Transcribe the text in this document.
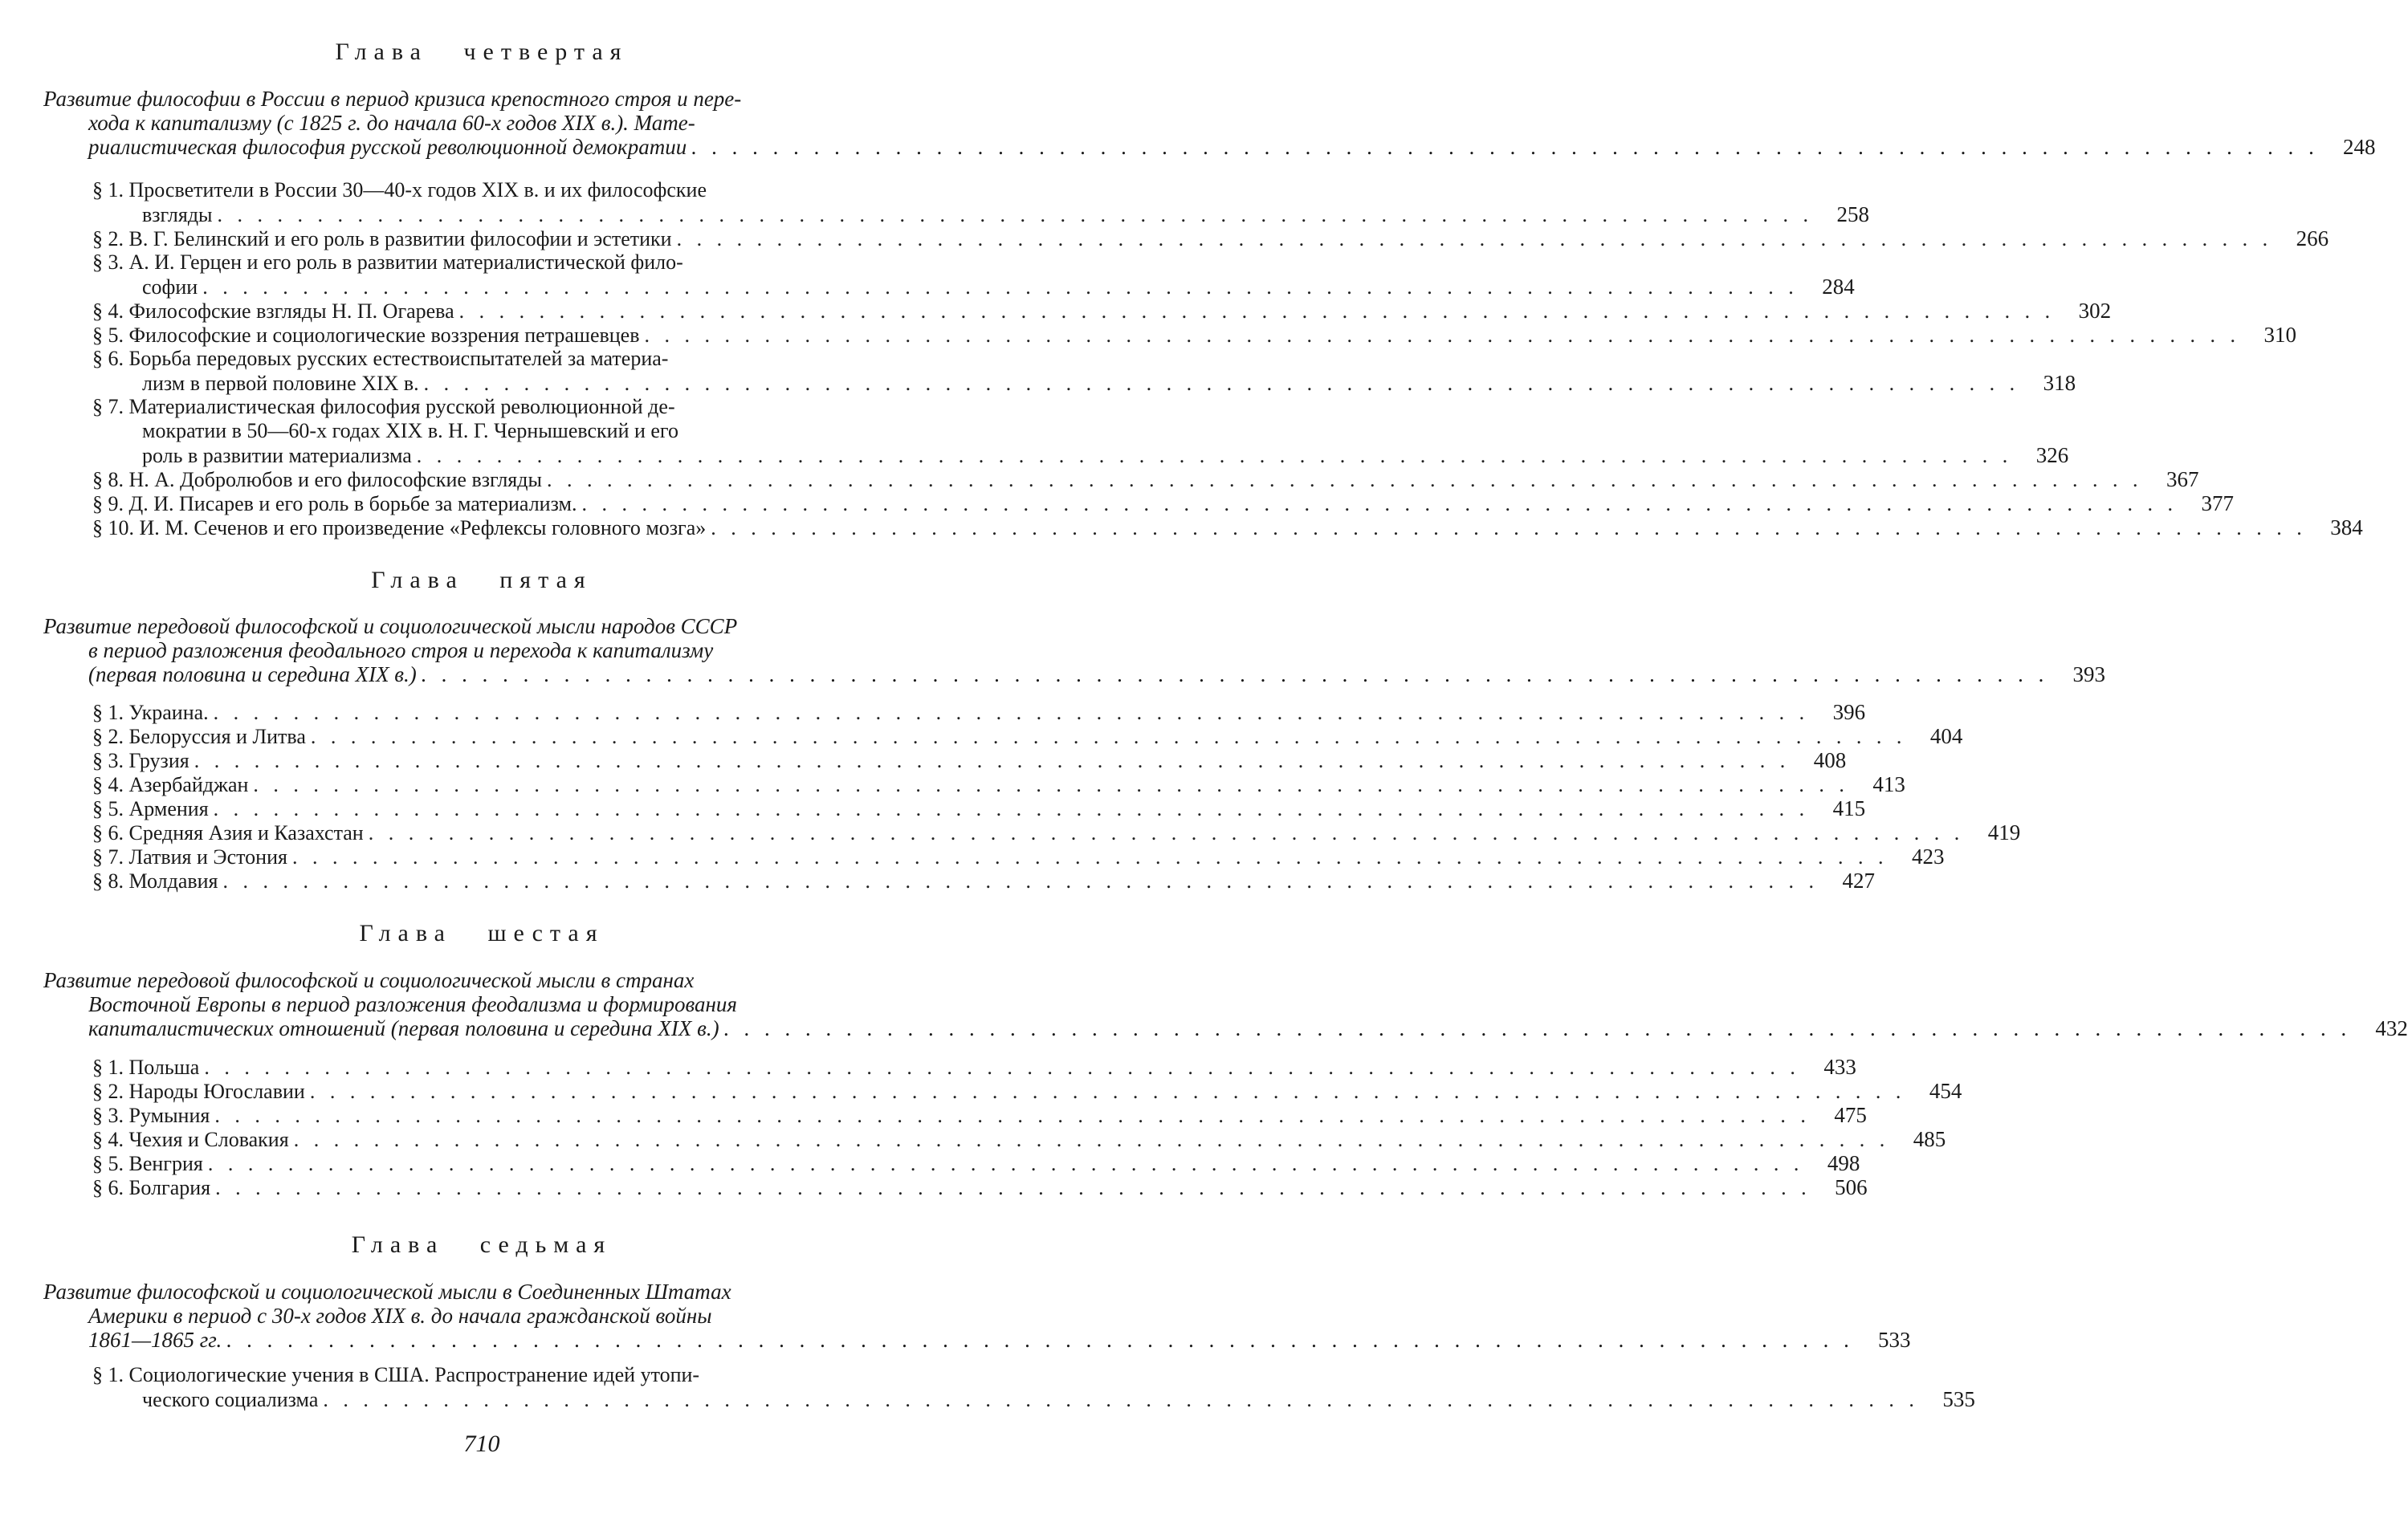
Глава четвертая
Развитие философии в России в период кризиса крепостного строя и пере-
хода к капитализму (с 1825 г. до начала 60-х годов XIX в.). Мате-
риалистическая философия русской революционной демократии . . . . . . . . . . . . . . . . . . . . . . . . . . . . . . . . . . . . . . . . . . . . . . . . . . . . . . . . . . . . . . . . . . . . . . . . . . . . . . . .	248
§ 1. Просветители в России 30—40-х годов XIX в. и их философские
взгляды . . . . . . . . . . . . . . . . . . . . . . . . . . . . . . . . . . . . . . . . . . . . . . . . . . . . . . . . . . . . . . . . . . . . . . . . . . . . . . . .	258
§ 2. В. Г. Белинский и его роль в развитии философии и эстетики . . . . . . . . . . . . . . . . . . . . . . . . . . . . . . . . . . . . . . . . . . . . . . . . . . . . . . . . . . . . . . . . . . . . . . . . . . . . . . . .	266
§ 3. А. И. Герцен и его роль в развитии материалистической фило-
софии . . . . . . . . . . . . . . . . . . . . . . . . . . . . . . . . . . . . . . . . . . . . . . . . . . . . . . . . . . . . . . . . . . . . . . . . . . . . . . . .	284
§ 4. Философские взгляды Н. П. Огарева . . . . . . . . . . . . . . . . . . . . . . . . . . . . . . . . . . . . . . . . . . . . . . . . . . . . . . . . . . . . . . . . . . . . . . . . . . . . . . . .	302
§ 5. Философские и социологические воззрения петрашевцев . . . . . . . . . . . . . . . . . . . . . . . . . . . . . . . . . . . . . . . . . . . . . . . . . . . . . . . . . . . . . . . . . . . . . . . . . . . . . . . .	310
§ 6. Борьба передовых русских естествоиспытателей за материа-
лизм в первой половине XIX в. . . . . . . . . . . . . . . . . . . . . . . . . . . . . . . . . . . . . . . . . . . . . . . . . . . . . . . . . . . . . . . . . . . . . . . . . . . . . . . . .	318
§ 7. Материалистическая философия русской революционной де-
мократии в 50—60-х годах XIX в. Н. Г. Чернышевский и его
роль в развитии материализма . . . . . . . . . . . . . . . . . . . . . . . . . . . . . . . . . . . . . . . . . . . . . . . . . . . . . . . . . . . . . . . . . . . . . . . . . . . . . . . .	326
§ 8. Н. А. Добролюбов и его философские взгляды . . . . . . . . . . . . . . . . . . . . . . . . . . . . . . . . . . . . . . . . . . . . . . . . . . . . . . . . . . . . . . . . . . . . . . . . . . . . . . . .	367
§ 9. Д. И. Писарев и его роль в борьбе за материализм. . . . . . . . . . . . . . . . . . . . . . . . . . . . . . . . . . . . . . . . . . . . . . . . . . . . . . . . . . . . . . . . . . . . . . . . . . . . . . . . .	377
§ 10. И. М. Сеченов и его произведение «Рефлексы головного мозга» . . . . . . . . . . . . . . . . . . . . . . . . . . . . . . . . . . . . . . . . . . . . . . . . . . . . . . . . . . . . . . . . . . . . . . . . . . . . . . . .	384
Глава пятая
Развитие передовой философской и социологической мысли народов СССР
в период разложения феодального строя и перехода к капитализму
(первая половина и середина XIX в.) . . . . . . . . . . . . . . . . . . . . . . . . . . . . . . . . . . . . . . . . . . . . . . . . . . . . . . . . . . . . . . . . . . . . . . . . . . . . . . . .	393
§ 1. Украина. . . . . . . . . . . . . . . . . . . . . . . . . . . . . . . . . . . . . . . . . . . . . . . . . . . . . . . . . . . . . . . . . . . . . . . . . . . . . . . . .	396
§ 2. Белоруссия и Литва . . . . . . . . . . . . . . . . . . . . . . . . . . . . . . . . . . . . . . . . . . . . . . . . . . . . . . . . . . . . . . . . . . . . . . . . . . . . . . . .	404
§ 3. Грузия . . . . . . . . . . . . . . . . . . . . . . . . . . . . . . . . . . . . . . . . . . . . . . . . . . . . . . . . . . . . . . . . . . . . . . . . . . . . . . . .	408
§ 4. Азербайджан . . . . . . . . . . . . . . . . . . . . . . . . . . . . . . . . . . . . . . . . . . . . . . . . . . . . . . . . . . . . . . . . . . . . . . . . . . . . . . . .	413
§ 5. Армения . . . . . . . . . . . . . . . . . . . . . . . . . . . . . . . . . . . . . . . . . . . . . . . . . . . . . . . . . . . . . . . . . . . . . . . . . . . . . . . .	415
§ 6. Средняя Азия и Казахстан . . . . . . . . . . . . . . . . . . . . . . . . . . . . . . . . . . . . . . . . . . . . . . . . . . . . . . . . . . . . . . . . . . . . . . . . . . . . . . . .	419
§ 7. Латвия и Эстония . . . . . . . . . . . . . . . . . . . . . . . . . . . . . . . . . . . . . . . . . . . . . . . . . . . . . . . . . . . . . . . . . . . . . . . . . . . . . . . .	423
§ 8. Молдавия . . . . . . . . . . . . . . . . . . . . . . . . . . . . . . . . . . . . . . . . . . . . . . . . . . . . . . . . . . . . . . . . . . . . . . . . . . . . . . . .	427
Глава шестая
Развитие передовой философской и социологической мысли в странах
Восточной Европы в период разложения феодализма и формирования
капиталистических отношений (первая половина и середина XIX в.) . . . . . . . . . . . . . . . . . . . . . . . . . . . . . . . . . . . . . . . . . . . . . . . . . . . . . . . . . . . . . . . . . . . . . . . . . . . . . . . .	432
§ 1. Польша . . . . . . . . . . . . . . . . . . . . . . . . . . . . . . . . . . . . . . . . . . . . . . . . . . . . . . . . . . . . . . . . . . . . . . . . . . . . . . . .	433
§ 2. Народы Югославии . . . . . . . . . . . . . . . . . . . . . . . . . . . . . . . . . . . . . . . . . . . . . . . . . . . . . . . . . . . . . . . . . . . . . . . . . . . . . . . .	454
§ 3. Румыния . . . . . . . . . . . . . . . . . . . . . . . . . . . . . . . . . . . . . . . . . . . . . . . . . . . . . . . . . . . . . . . . . . . . . . . . . . . . . . . .	475
§ 4. Чехия и Словакия . . . . . . . . . . . . . . . . . . . . . . . . . . . . . . . . . . . . . . . . . . . . . . . . . . . . . . . . . . . . . . . . . . . . . . . . . . . . . . . .	485
§ 5. Венгрия . . . . . . . . . . . . . . . . . . . . . . . . . . . . . . . . . . . . . . . . . . . . . . . . . . . . . . . . . . . . . . . . . . . . . . . . . . . . . . . .	498
§ 6. Болгария . . . . . . . . . . . . . . . . . . . . . . . . . . . . . . . . . . . . . . . . . . . . . . . . . . . . . . . . . . . . . . . . . . . . . . . . . . . . . . . .	506
Глава седьмая
Развитие философской и социологической мысли в Соединенных Штатах
Америки в период с 30-х годов XIX в. до начала гражданской войны
1861—1865 гг. . . . . . . . . . . . . . . . . . . . . . . . . . . . . . . . . . . . . . . . . . . . . . . . . . . . . . . . . . . . . . . . . . . . . . . . . . . . . . . . .	533
§ 1. Социологические учения в США. Распространение идей утопи-
ческого социализма . . . . . . . . . . . . . . . . . . . . . . . . . . . . . . . . . . . . . . . . . . . . . . . . . . . . . . . . . . . . . . . . . . . . . . . . . . . . . . . .	535
710
